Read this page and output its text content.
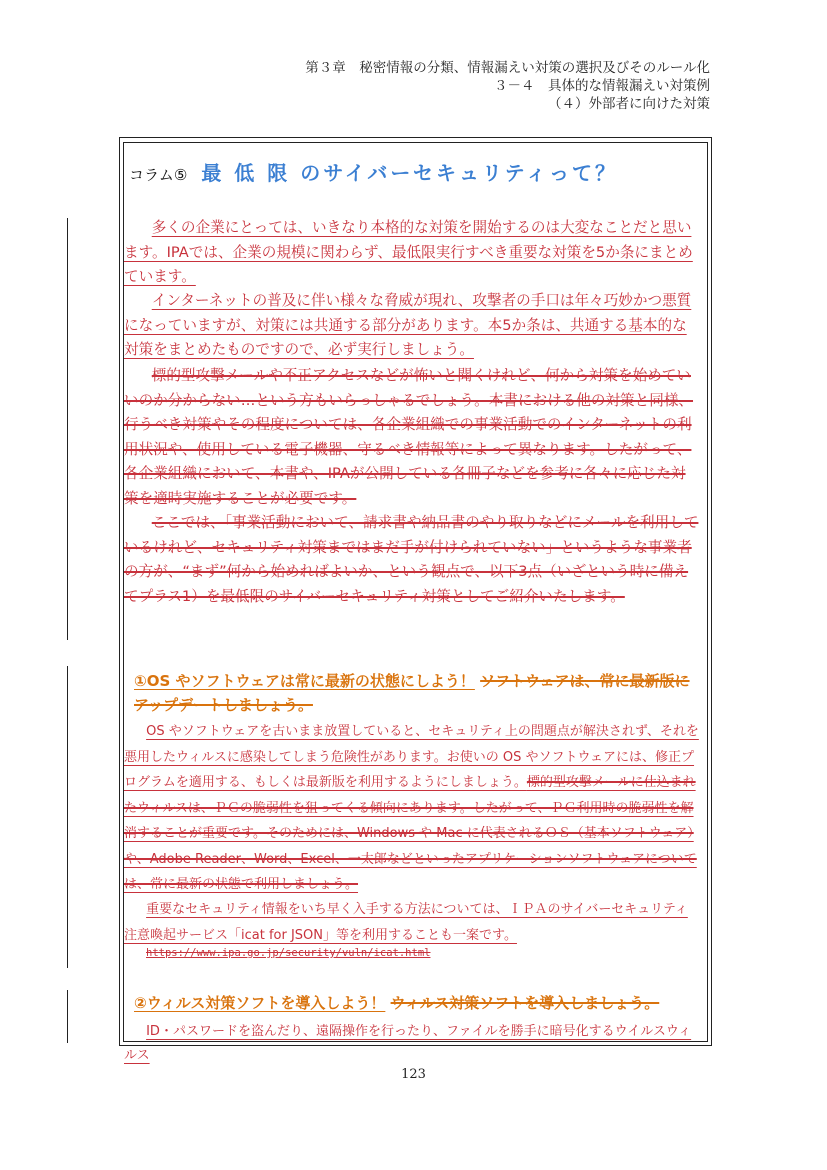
第３章　秘密情報の分類、情報漏えい対策の選択及びそのルール化
３－４　具体的な情報漏えい対策例
（４）外部者に向けた対策
コラム⑤ 最 低 限 のサイバーセキュリティって？
多くの企業にとっては、いきなり本格的な対策を開始するのは大変なことだと思います。IPAでは、企業の規模に関わらず、最低限実行すべき重要な対策を5か条にまとめています。
インターネットの普及に伴い様々な脅威が現れ、攻撃者の手口は年々巧妙かつ悪質になっていますが、対策には共通する部分があります。本5か条は、共通する基本的な対策をまとめたものですので、必ず実行しましょう。
標的型攻撃メールや不正アクセスなどが怖いと聞くけれど、何から対策を始めていいのか分からない…という方もいらっしゃるでしょう。本書における他の対策と同様、行うべき対策やその程度については、各企業組織での事業活動でのインターネットの利用状況や、使用している電子機器、守るべき情報等によって異なります。したがって、各企業組織において、本書や、IPAが公開している各冊子などを参考に各々に応じた対策を適時実施することが必要です。
ここでは、「事業活動において、請求書や納品書のやり取りなどにメールを利用しているけれど、セキュリティ対策まではまだ手が付けられていない」というような事業者の方が、“まず”何から始めればよいか、という観点で、以下3点（いざという時に備えてプラス1）を最低限のサイバーセキュリティ対策としてご紹介いたします。
①OS やソフトウェアは常に最新の状態にしよう！ ソフトウェアは、常に最新版にアップデートしましょう。
OS やソフトウェアを古いまま放置していると、セキュリティ上の問題点が解決されず、それを悪用したウィルスに感染してしまう危険性があります。お使いの OS やソフトウェアには、修正プログラムを適用する、もしくは最新版を利用するようにしましょう。標的型攻撃メールに仕込まれたウィルスは、ＰＣの脆弱性を狙ってくる傾向にあります。したがって、ＰＣ利用時の脆弱性を解消することが重要です。そのためには、Windows や Mac に代表されるＯＳ（基本ソフトウェア）や、Adobe Reader、Word、Excel、一太郎などといったアプリケーションソフトウェアについては、常に最新の状態で利用しましょう。
重要なセキュリティ情報をいち早く入手する方法については、ＩＰＡのサイバーセキュリティ注意喚起サービス「icat for JSON」等を利用することも一案です。
https://www.ipa.go.jp/security/vuln/icat.html
②ウィルス対策ソフトを導入しよう！ ウィルス対策ソフトを導入しましょう。
ID・パスワードを盗んだり、遠隔操作を行ったり、ファイルを勝手に暗号化するウイルスウィルス
123
